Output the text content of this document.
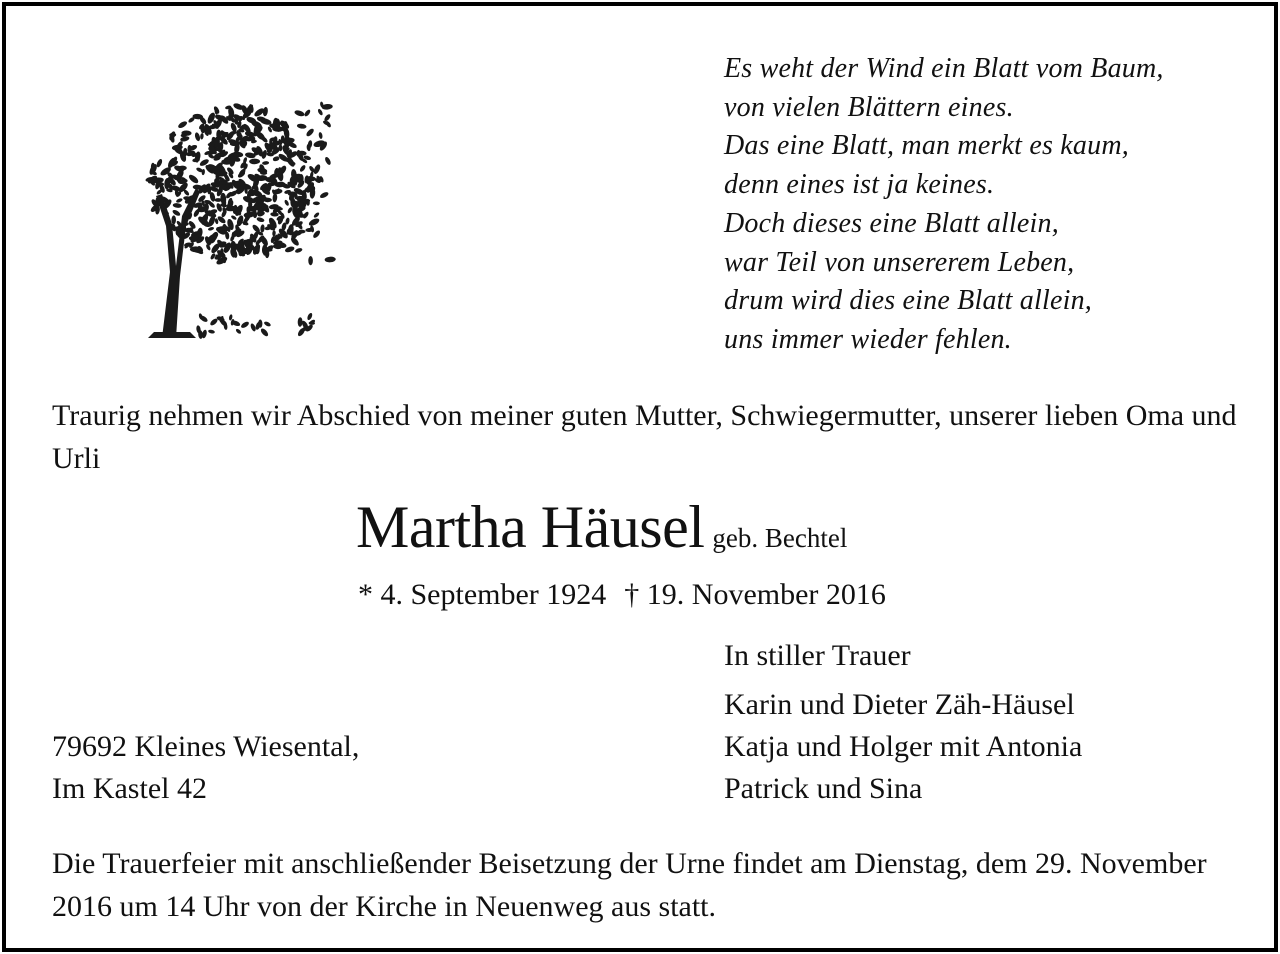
Es weht der Wind ein Blatt vom Baum,
von vielen Blättern eines.
Das eine Blatt, man merkt es kaum,
denn eines ist ja keines.
Doch dieses eine Blatt allein,
war Teil von unsererem Leben,
drum wird dies eine Blatt allein,
uns immer wieder fehlen.

Traurig nehmen wir Abschied von meiner guten Mutter, Schwiegermutter, unserer lieben Oma und Urli

Martha Häusel geb. Bechtel
* 4. September 1924 † 19. November 2016

In stiller Trauer

Karin und Dieter Zäh-Häusel
Katja und Holger mit Antonia
Patrick und Sina
79692 Kleines Wiesental,
Im Kastel 42

Die Trauerfeier mit anschließender Beisetzung der Urne findet am Dienstag, dem 29. November 2016 um 14 Uhr von der Kirche in Neuenweg aus statt.
